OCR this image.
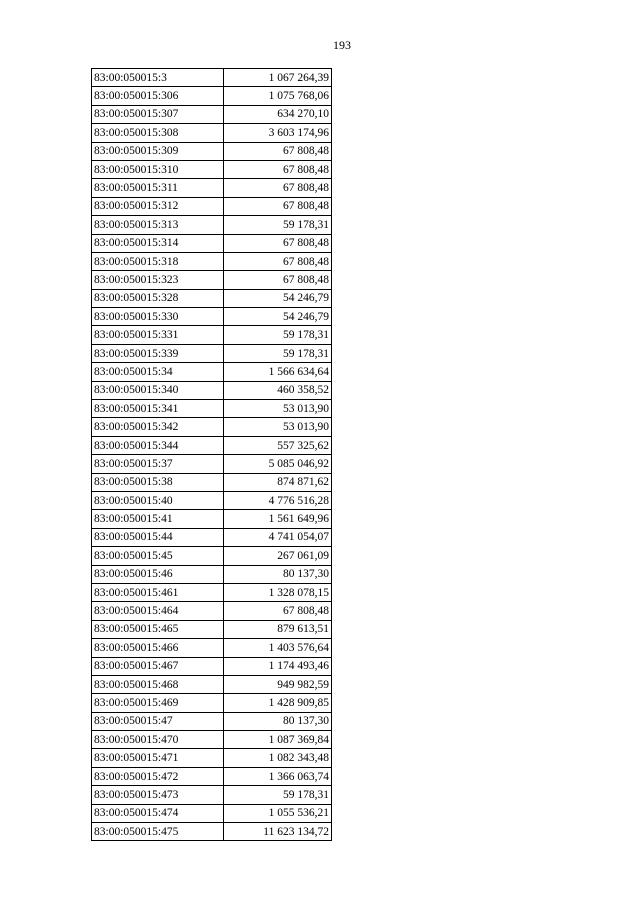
193
83:00:050015:3	1 067 264,39
83:00:050015:306	1 075 768,06
83:00:050015:307	634 270,10
83:00:050015:308	3 603 174,96
83:00:050015:309	67 808,48
83:00:050015:310	67 808,48
83:00:050015:311	67 808,48
83:00:050015:312	67 808,48
83:00:050015:313	59 178,31
83:00:050015:314	67 808,48
83:00:050015:318	67 808,48
83:00:050015:323	67 808,48
83:00:050015:328	54 246,79
83:00:050015:330	54 246,79
83:00:050015:331	59 178,31
83:00:050015:339	59 178,31
83:00:050015:34	1 566 634,64
83:00:050015:340	460 358,52
83:00:050015:341	53 013,90
83:00:050015:342	53 013,90
83:00:050015:344	557 325,62
83:00:050015:37	5 085 046,92
83:00:050015:38	874 871,62
83:00:050015:40	4 776 516,28
83:00:050015:41	1 561 649,96
83:00:050015:44	4 741 054,07
83:00:050015:45	267 061,09
83:00:050015:46	80 137,30
83:00:050015:461	1 328 078,15
83:00:050015:464	67 808,48
83:00:050015:465	879 613,51
83:00:050015:466	1 403 576,64
83:00:050015:467	1 174 493,46
83:00:050015:468	949 982,59
83:00:050015:469	1 428 909,85
83:00:050015:47	80 137,30
83:00:050015:470	1 087 369,84
83:00:050015:471	1 082 343,48
83:00:050015:472	1 366 063,74
83:00:050015:473	59 178,31
83:00:050015:474	1 055 536,21
83:00:050015:475	11 623 134,72
